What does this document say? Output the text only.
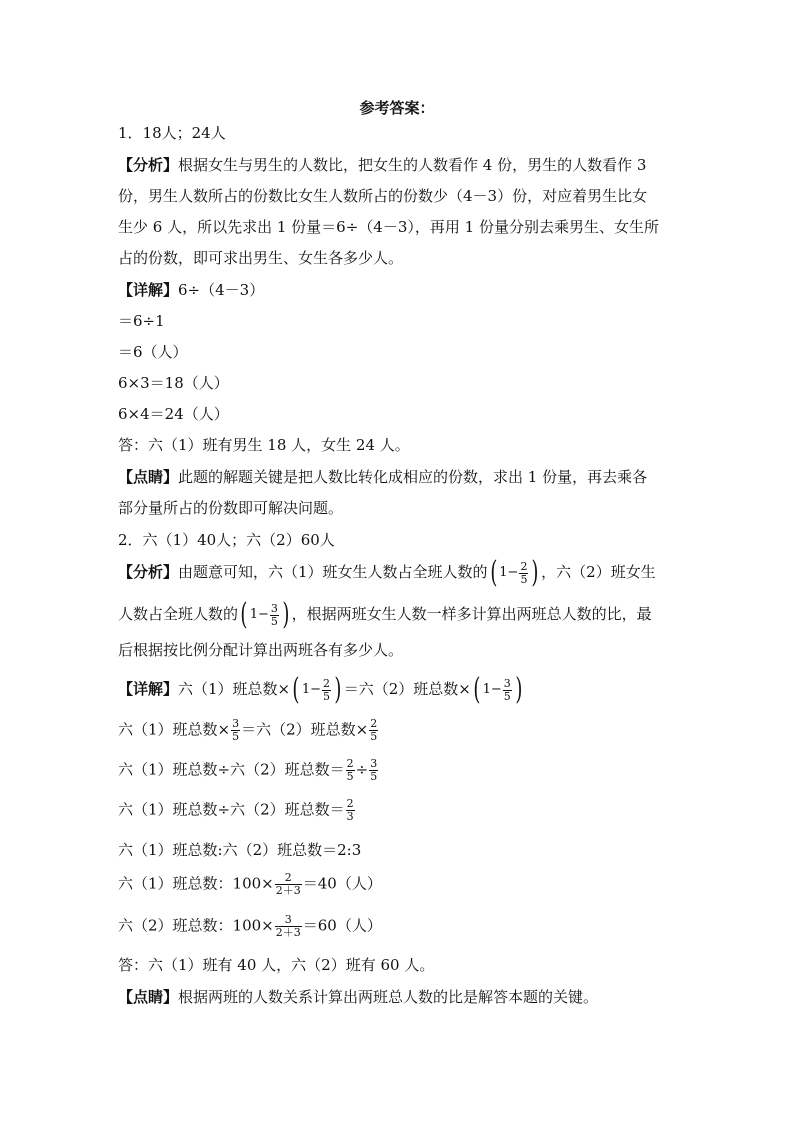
参考答案：
1．18人；24人
【分析】根据女生与男生的人数比，把女生的人数看作 4 份，男生的人数看作 3
份，男生人数所占的份数比女生人数所占的份数少（4－3）份，对应着男生比女
生少 6 人，所以先求出 1 份量＝6÷（4－3），再用 1 份量分别去乘男生、女生所
占的份数，即可求出男生、女生各多少人。
【详解】6÷（4－3）
＝6÷1
＝6（人）
6×3＝18（人）
6×4＝24（人）
答：六（1）班有男生 18 人，女生 24 人。
【点睛】此题的解题关键是把人数比转化成相应的份数，求出 1 份量，再去乘各
部分量所占的份数即可解决问题。
2．六（1）40人；六（2）60人
【分析】由题意可知，六（1）班女生人数占全班人数的 ( $1- \frac{2}{5}$ ) ，六（2）班女生
人数占全班人数的 ( $1- \frac{3}{5}$ ) ，根据两班女生人数一样多计算出两班总人数的比，最
后根据按比例分配计算出两班各有多少人。
【详解】六（1）班总数× ( $1- \frac{2}{5}$ ) ＝六（2）班总数× ( $1- \frac{3}{5}$ )
六（1）班总数× $\frac{3}{5}$ ＝六（2）班总数× $\frac{2}{5}$
六（1）班总数÷六（2）班总数＝ $\frac{2}{5} \div \frac{3}{5}$
六（1）班总数÷六（2）班总数＝ $\frac{2}{3}$
六（1）班总数:六（2）班总数＝2:3
六（1）班总数：$100\times \frac{2}{2+3} =40$（人）
六（2）班总数：$100\times \frac{3}{2+3} =60$（人）
答：六（1）班有 40 人，六（2）班有 60 人。
【点睛】根据两班的人数关系计算出两班总人数的比是解答本题的关键。
